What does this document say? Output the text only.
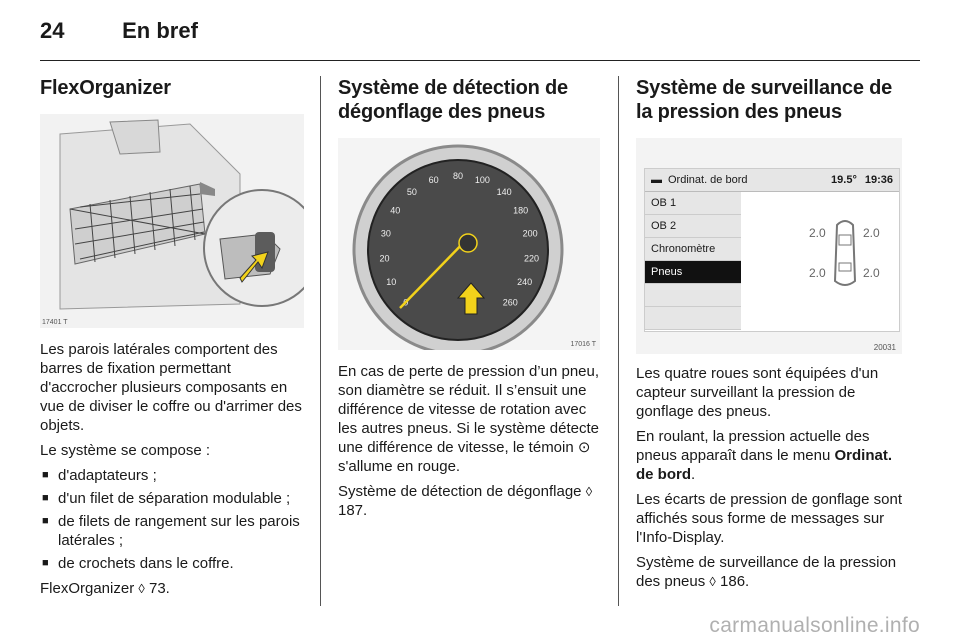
24	En bref
FlexOrganizer
17401 T

Les parois latérales comportent des barres de fixation permettant d'accrocher plusieurs composants en vue de diviser le coffre ou d'arrimer des objets.

Le système se compose :

■ d'adaptateurs ;
■ d'un filet de séparation modulable ;
■ de filets de rangement sur les parois latérales ;
■ de crochets dans le coffre.

FlexOrganizer ◊ 73.

Système de détection de dégonflage des pneus
10
20
30
40
50
60 80 100
140
180
200
220
240
260
17016 T

En cas de perte de pression d’un pneu, son diamètre se réduit. Il s’ensuit une différence de vitesse de rotation avec les autres pneus. Si le système détecte une différence de vitesse, le témoin ⊙ s'allume en rouge.

Système de détection de dégonflage ◊ 187.

Système de surveillance de la pression des pneus
▬ Ordinat. de bord	19.5° 19:36
OB 1
OB 2
Chronomètre
Pneus
2.0	2.0
2.0	2.0
20031

Les quatre roues sont équipées d'un capteur surveillant la pression de gonflage des pneus.

En roulant, la pression actuelle des pneus apparaît dans le menu Ordinat. de bord.

Les écarts de pression de gonflage sont affichés sous forme de messages sur l'Info-Display.

Système de surveillance de la pression des pneus ◊ 186.

carmanualsonline.info
